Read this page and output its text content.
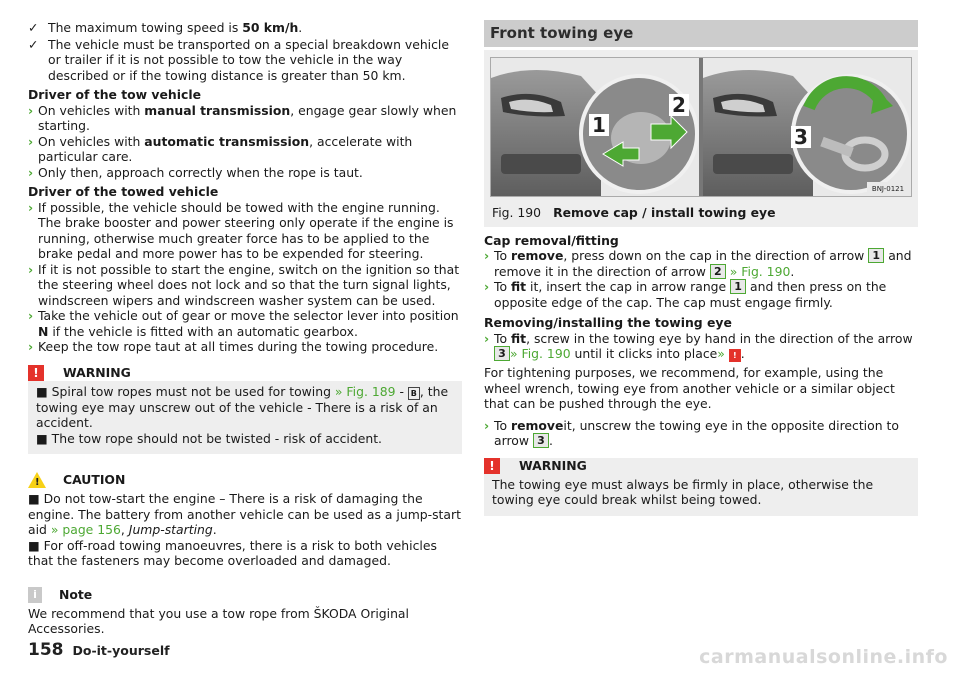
✓ The maximum towing speed is 50 km/h.

✓ The vehicle must be transported on a special breakdown vehicle or trailer if it is not possible to tow the vehicle in the way described or if the towing distance is greater than 50 km.

Driver of the tow vehicle

› On vehicles with manual transmission, engage gear slowly when starting.

› On vehicles with automatic transmission, accelerate with particular care.

› Only then, approach correctly when the rope is taut.

Driver of the towed vehicle

› If possible, the vehicle should be towed with the engine running. The brake booster and power steering only operate if the engine is running, otherwise much greater force has to be applied to the brake pedal and more power has to be expended for steering.

› If it is not possible to start the engine, switch on the ignition so that the steering wheel does not lock and so that the turn signal lights, windscreen wipers and windscreen washer system can be used.

› Take the vehicle out of gear or move the selector lever into position N if the vehicle is fitted with an automatic gearbox.

› Keep the tow rope taut at all times during the towing procedure.

!	WARNING

■ Spiral tow ropes must not be used for towing » Fig. 189 - B , the towing eye may unscrew out of the vehicle - There is a risk of an accident.

■ The tow rope should not be twisted - risk of accident.

! CAUTION

■ Do not tow-start the engine – There is a risk of damaging the engine. The battery from another vehicle can be used as a jump-start aid » page 156, Jump-starting.

■ For off-road towing manoeuvres, there is a risk to both vehicles that the fasteners may become overloaded and damaged.

i	Note

We recommend that you use a tow rope from ŠKODA Original Accessories.

Front towing eye
1
2
3
BNJ-0121
Fig. 190 Remove cap / install towing eye

Cap removal/fitting

› To remove, press down on the cap in the direction of arrow 1 and remove it in the direction of arrow 2 » Fig. 190.

› To fit it, insert the cap in arrow range 1 and then press on the opposite edge of the cap. The cap must engage firmly.

Removing/installing the towing eye

› To fit, screw in the towing eye by hand in the direction of the arrow 3 » Fig. 190 until it clicks into place» ! .

For tightening purposes, we recommend, for example, using the wheel wrench, towing eye from another vehicle or a similar object that can be pushed through the eye.

› To removeit, unscrew the towing eye in the opposite direction to arrow 3 .

!	WARNING

The towing eye must always be firmly in place, otherwise the towing eye could break whilst being towed.

158 Do-it-yourself	carmanualsonline.info
